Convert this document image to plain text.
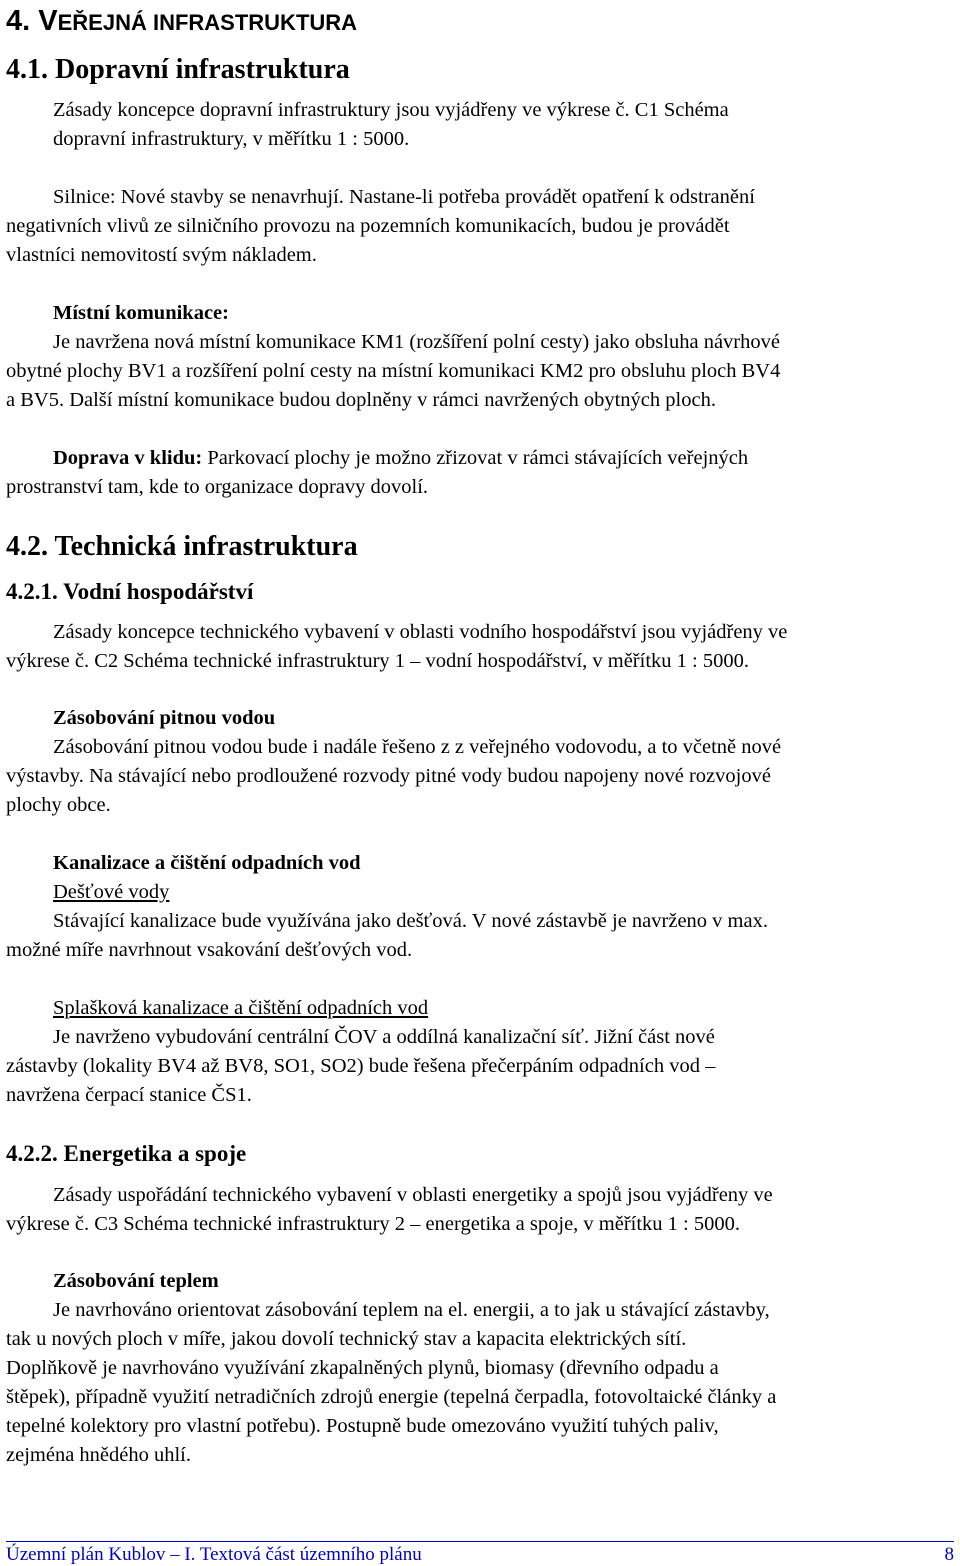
4. VEŘEJNÁ INFRASTRUKTURA
4.1. Dopravní infrastruktura
Zásady koncepce dopravní infrastruktury jsou vyjádřeny ve výkrese č. C1 Schéma
dopravní infrastruktury, v měřítku 1 : 5000.
Silnice: Nové stavby se nenavrhují. Nastane-li potřeba provádět opatření k odstranění
negativních vlivů ze silničního provozu na pozemních komunikacích, budou je provádět
vlastníci nemovitostí svým nákladem.
Místní komunikace:
Je navržena nová místní komunikace KM1 (rozšíření polní cesty) jako obsluha návrhové
obytné plochy BV1 a rozšíření polní cesty na místní komunikaci KM2 pro obsluhu ploch BV4
a BV5. Další místní komunikace budou doplněny v rámci navržených obytných ploch.
Doprava v klidu: Parkovací plochy je možno zřizovat v rámci stávajících veřejných
prostranství tam, kde to organizace dopravy dovolí.
4.2. Technická infrastruktura
4.2.1. Vodní hospodářství
Zásady koncepce technického vybavení v oblasti vodního hospodářství jsou vyjádřeny ve
výkrese č. C2 Schéma technické infrastruktury 1 – vodní hospodářství, v měřítku 1 : 5000.
Zásobování pitnou vodou
Zásobování pitnou vodou bude i nadále řešeno z z veřejného vodovodu, a to včetně nové
výstavby. Na stávající nebo prodloužené rozvody pitné vody budou napojeny nové rozvojové
plochy obce.
Kanalizace a čištění odpadních vod
Dešťové vody
Stávající kanalizace bude využívána jako dešťová. V nové zástavbě je navrženo v max.
možné míře navrhnout vsakování dešťových vod.
Splašková kanalizace a čištění odpadních vod
Je navrženo vybudování centrální ČOV a oddílná kanalizační síť. Jižní část nové
zástavby (lokality BV4 až BV8, SO1, SO2) bude řešena přečerpáním odpadních vod –
navržena čerpací stanice ČS1.
4.2.2. Energetika a spoje
Zásady uspořádání technického vybavení v oblasti energetiky a spojů jsou vyjádřeny ve
výkrese č. C3 Schéma technické infrastruktury 2 – energetika a spoje, v měřítku 1 : 5000.
Zásobování teplem
Je navrhováno orientovat zásobování teplem na el. energii, a to jak u stávající zástavby,
tak u nových ploch v míře, jakou dovolí technický stav a kapacita elektrických sítí.
Doplňkově je navrhováno využívání zkapalněných plynů, biomasy (dřevního odpadu a
štěpek), případně využití netradičních zdrojů energie (tepelná čerpadla, fotovoltaické články a
tepelné kolektory pro vlastní potřebu). Postupně bude omezováno využití tuhých paliv,
zejména hnědého uhlí.
Územní plán Kublov – I. Textová část územního plánu	8
